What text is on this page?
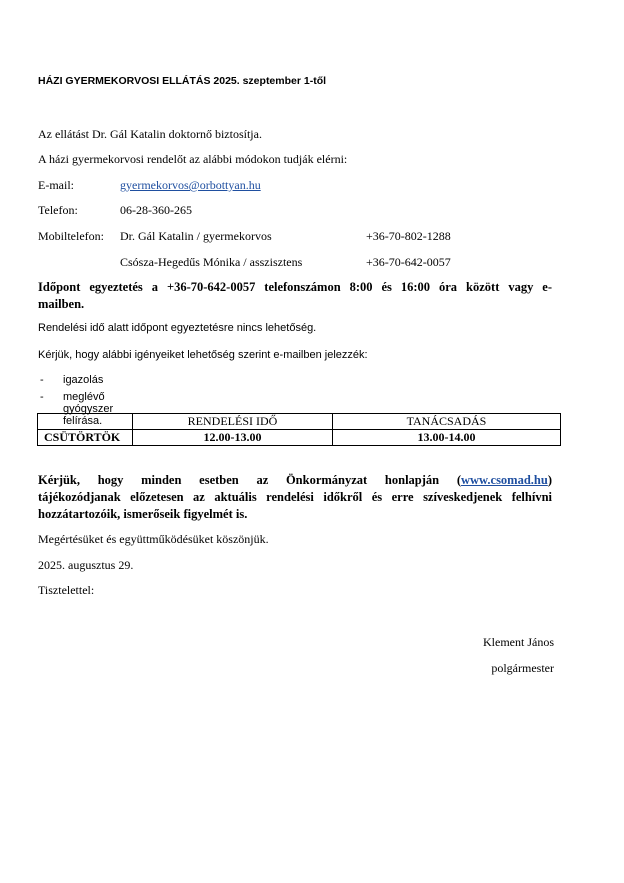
HÁZI GYERMEKORVOSI ELLÁTÁS 2025. szeptember 1-től
Az ellátást Dr. Gál Katalin doktornő biztosítja.
A házi gyermekorvosi rendelőt az alábbi módokon tudják elérni:
E-mail:	gyermekorvos@orbottyan.hu
Telefon:	06-28-360-265
Mobiltelefon: Dr. Gál Katalin / gyermekorvos	+36-70-802-1288
Csósza-Hegedűs Mónika / asszisztens	+36-70-642-0057
Időpont egyeztetés a +36-70-642-0057 telefonszámon 8:00 és 16:00 óra között vagy e-
mailben.
Rendelési idő alatt időpont egyeztetésre nincs lehetőség.
Kérjük, hogy alábbi igényeiket lehetőség szerint e-mailben jelezzék:
- igazolás
- meglévő gyógyszer felírása.
		RENDELÉSI IDŐ	TANÁCSADÁS
CSÜTÖRTÖK	12.00-13.00	13.00-14.00
Kérjük, hogy minden esetben az Önkormányzat honlapján (www.csomad.hu)
tájékozódjanak előzetesen az aktuális rendelési időkről és erre szíveskedjenek felhívni
hozzátartozóik, ismerőseik figyelmét is.
Megértésüket és együttműködésüket köszönjük.
2025. augusztus 29.
Tisztelettel:
Klement János
polgármester
